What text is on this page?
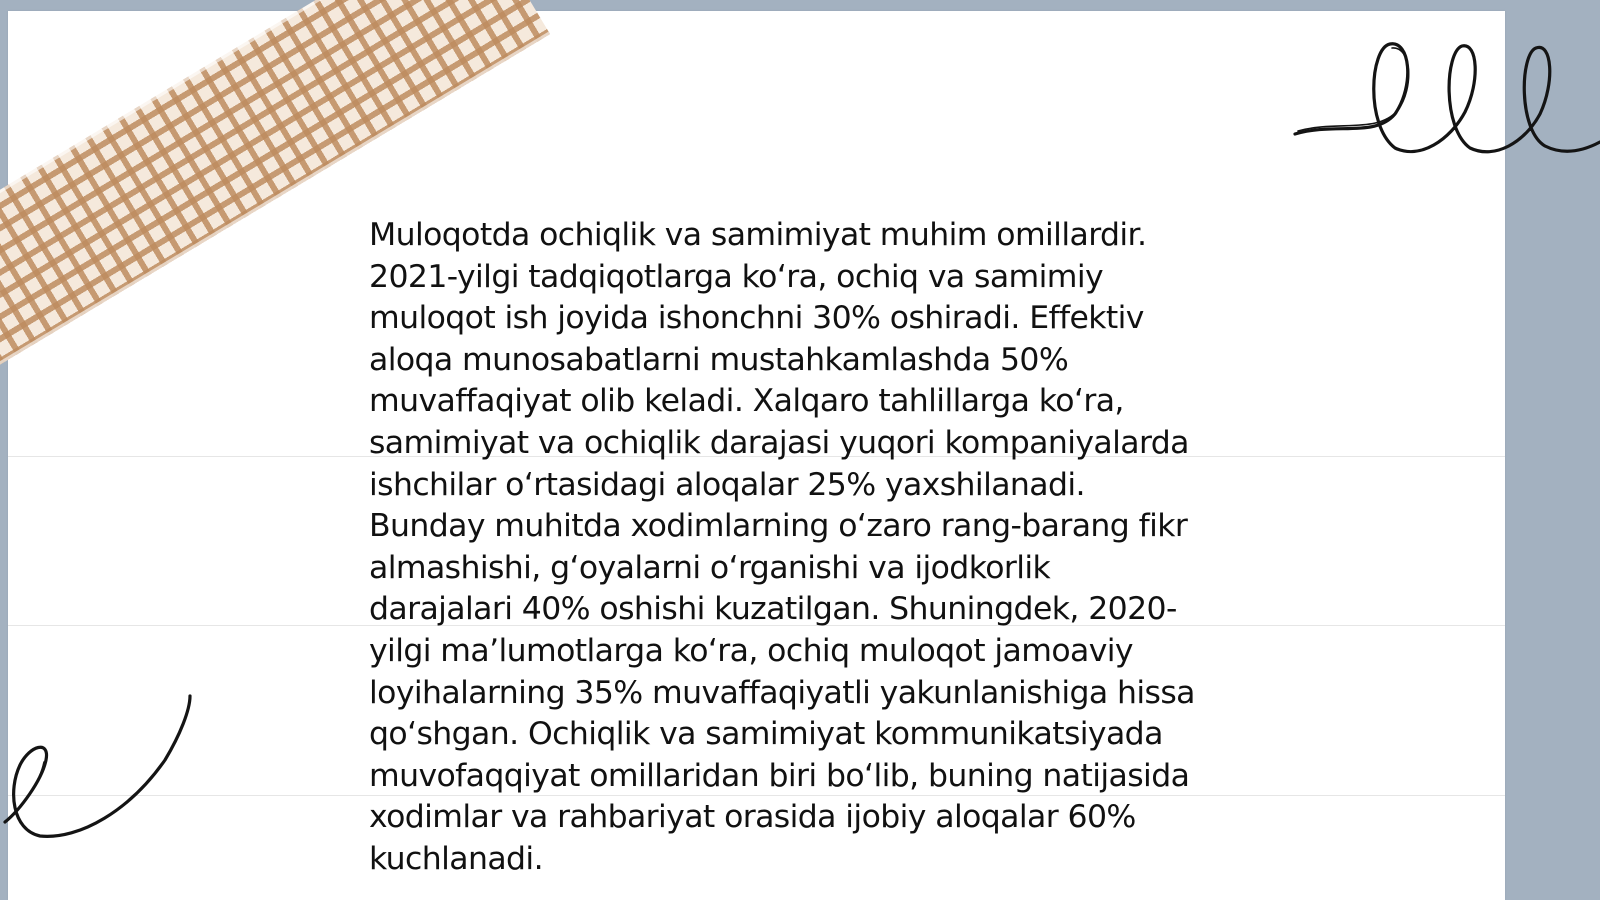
Muloqotda ochiqlik va samimiyat muhim omillardir.
2021-yilgi tadqiqotlarga koʻra, ochiq va samimiy
muloqot ish joyida ishonchni 30% oshiradi. Effektiv
aloqa munosabatlarni mustahkamlashda 50%
muvaffaqiyat olib keladi. Xalqaro tahlillarga koʻra,
samimiyat va ochiqlik darajasi yuqori kompaniyalarda
ishchilar oʻrtasidagi aloqalar 25% yaxshilanadi.
Bunday muhitda xodimlarning oʻzaro rang-barang fikr
almashishi, gʻoyalarni oʻrganishi va ijodkorlik
darajalari 40% oshishi kuzatilgan. Shuningdek, 2020-
yilgi maʼlumotlarga koʻra, ochiq muloqot jamoaviy
loyihalarning 35% muvaffaqiyatli yakunlanishiga hissa
qoʻshgan. Ochiqlik va samimiyat kommunikatsiyada
muvofaqqiyat omillaridan biri boʻlib, buning natijasida
xodimlar va rahbariyat orasida ijobiy aloqalar 60%
kuchlanadi.
